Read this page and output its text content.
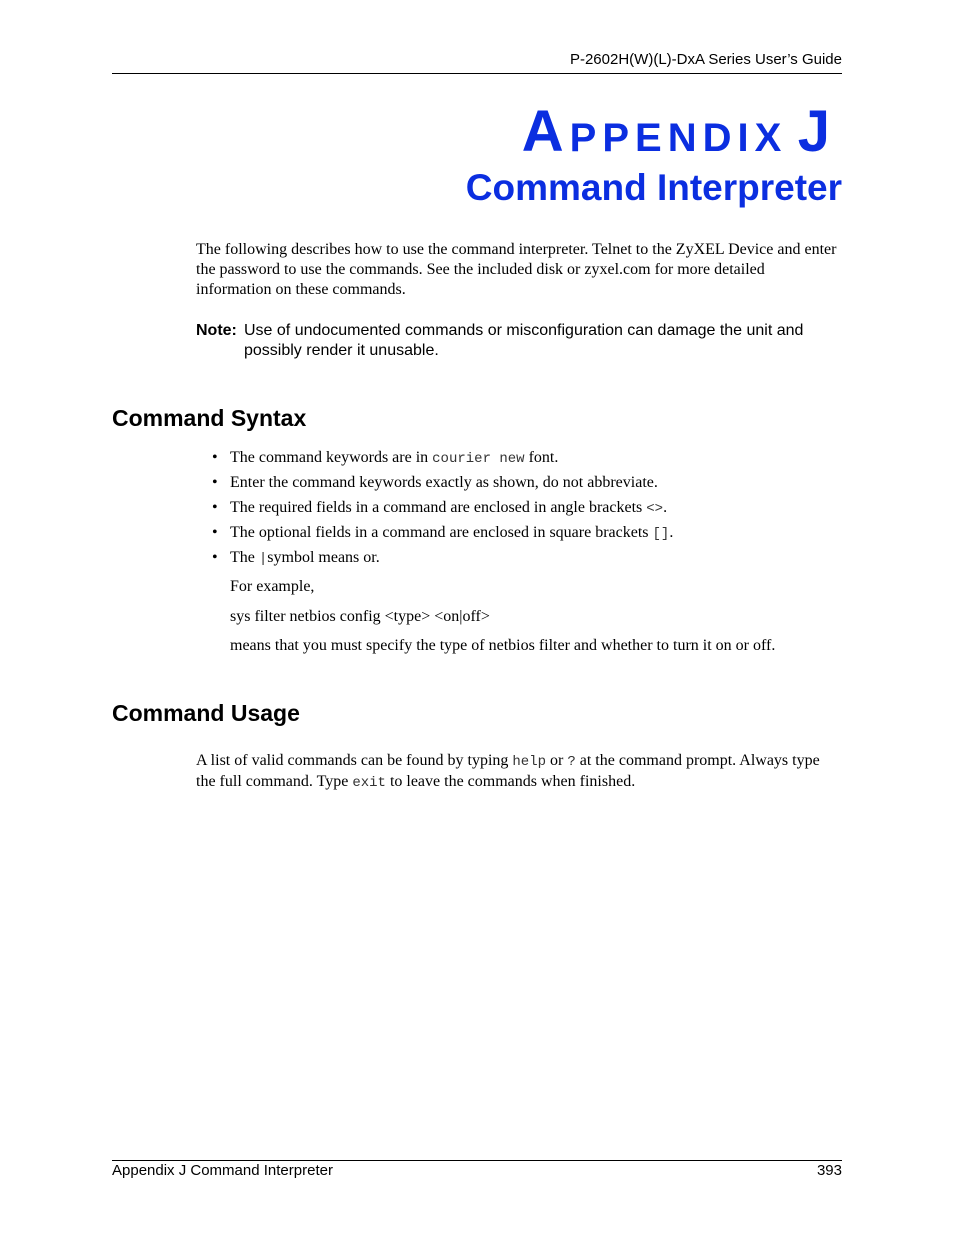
P-2602H(W)(L)-DxA Series User’s Guide
APPENDIX J
Command Interpreter

The following describes how to use the command interpreter. Telnet to the ZyXEL Device and enter the password to use the commands. See the included disk or zyxel.com for more detailed information on these commands.

Note: Use of undocumented commands or misconfiguration can damage the unit and possibly render it unusable.
Command Syntax
• The command keywords are in courier new font.
• Enter the command keywords exactly as shown, do not abbreviate.
• The required fields in a command are enclosed in angle brackets <>.
• The optional fields in a command are enclosed in square brackets [].
• The |symbol means or.

For example,

sys filter netbios config <type> <on|off>

means that you must specify the type of netbios filter and whether to turn it on or off.

Command Usage

A list of valid commands can be found by typing help or ? at the command prompt. Always type the full command. Type exit to leave the commands when finished.

Appendix J Command Interpreter	393
